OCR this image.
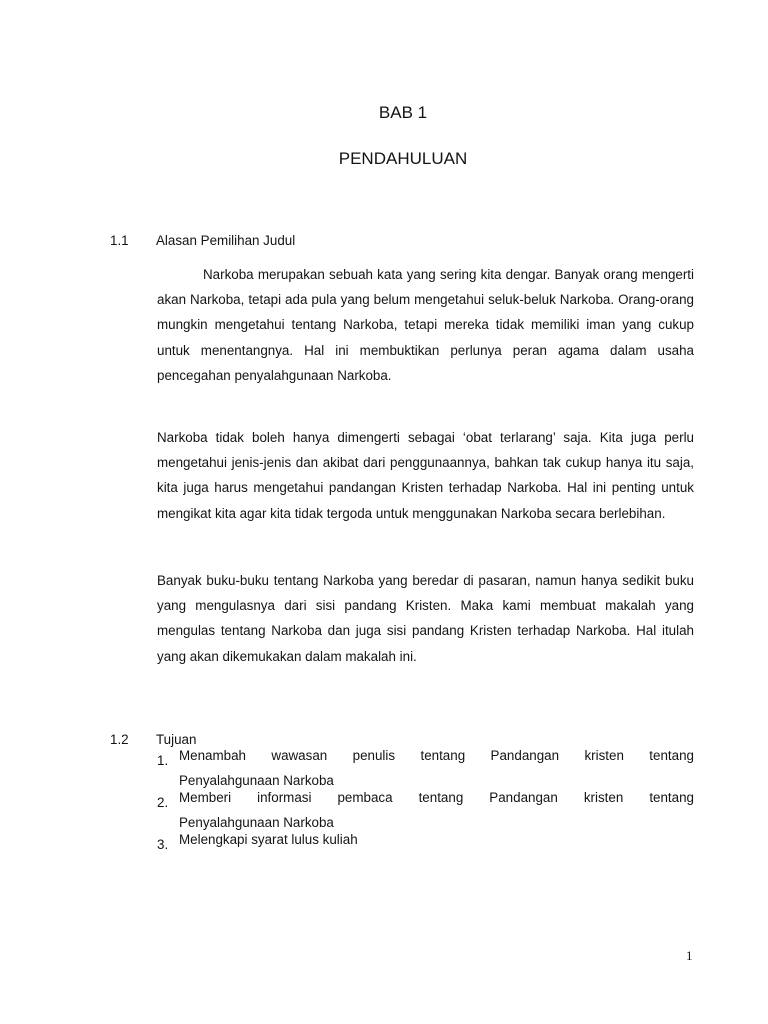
BAB 1
PENDAHULUAN
1.1 Alasan Pemilihan Judul
Narkoba merupakan sebuah kata yang sering kita dengar. Banyak orang mengerti akan Narkoba, tetapi ada pula yang belum mengetahui seluk-beluk Narkoba. Orang-orang mungkin mengetahui tentang Narkoba, tetapi mereka tidak memiliki iman yang cukup untuk menentangnya. Hal ini membuktikan perlunya peran agama dalam usaha pencegahan penyalahgunaan Narkoba.
Narkoba tidak boleh hanya dimengerti sebagai ‘obat terlarang’ saja. Kita juga perlu mengetahui jenis-jenis dan akibat dari penggunaannya, bahkan tak cukup hanya itu saja, kita juga harus mengetahui pandangan Kristen terhadap Narkoba. Hal ini penting untuk mengikat kita agar kita tidak tergoda untuk menggunakan Narkoba secara berlebihan.
Banyak buku-buku tentang Narkoba yang beredar di pasaran, namun hanya sedikit buku yang mengulasnya dari sisi pandang Kristen. Maka kami membuat makalah yang mengulas tentang Narkoba dan juga sisi pandang Kristen terhadap Narkoba. Hal itulah yang akan dikemukakan dalam makalah ini.
1.2 Tujuan
1. Menambah wawasan penulis tentang Pandangan kristen tentang
Penyalahgunaan Narkoba
2. Memberi informasi pembaca tentang Pandangan kristen tentang
Penyalahgunaan Narkoba
3. Melengkapi syarat lulus kuliah
1
